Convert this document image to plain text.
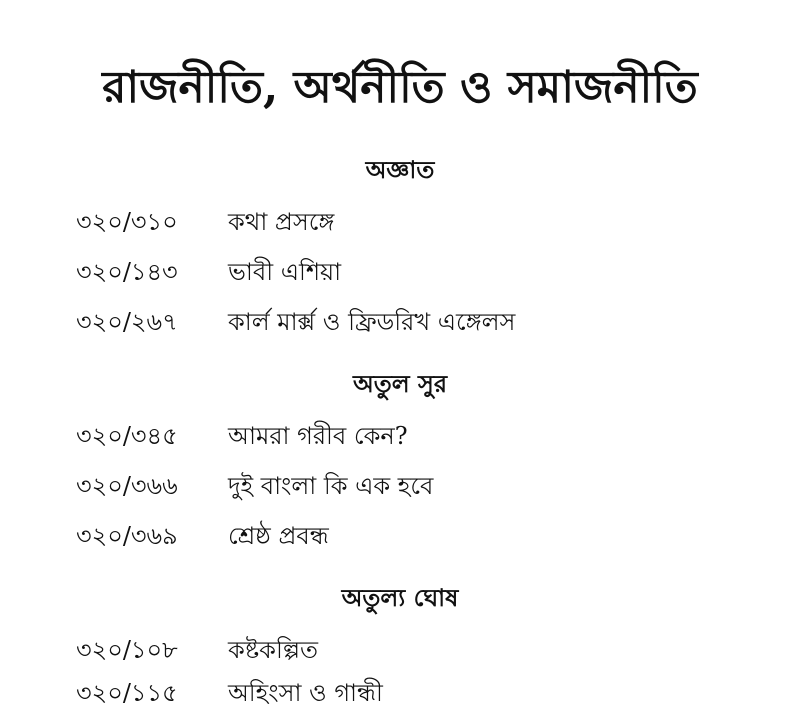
রাজনীতি, অর্থনীতি ও সমাজনীতি
অজ্ঞাত
৩২০/৩১০ কথা প্রসঙ্গে
৩২০/১৪৩ ভাবী এশিয়া
৩২০/২৬৭ কার্ল মার্ক্স ও ফ্রিডরিখ এঙ্গেলস
অতুল সুর
৩২০/৩৪৫ আমরা গরীব কেন?
৩২০/৩৬৬ দুই বাংলা কি এক হবে
৩২০/৩৬৯ শ্রেষ্ঠ প্রবন্ধ
অতুল্য ঘোষ
৩২০/১০৮ কষ্টকল্পিত
৩২০/১১৫ অহিংসা ও গান্ধী
